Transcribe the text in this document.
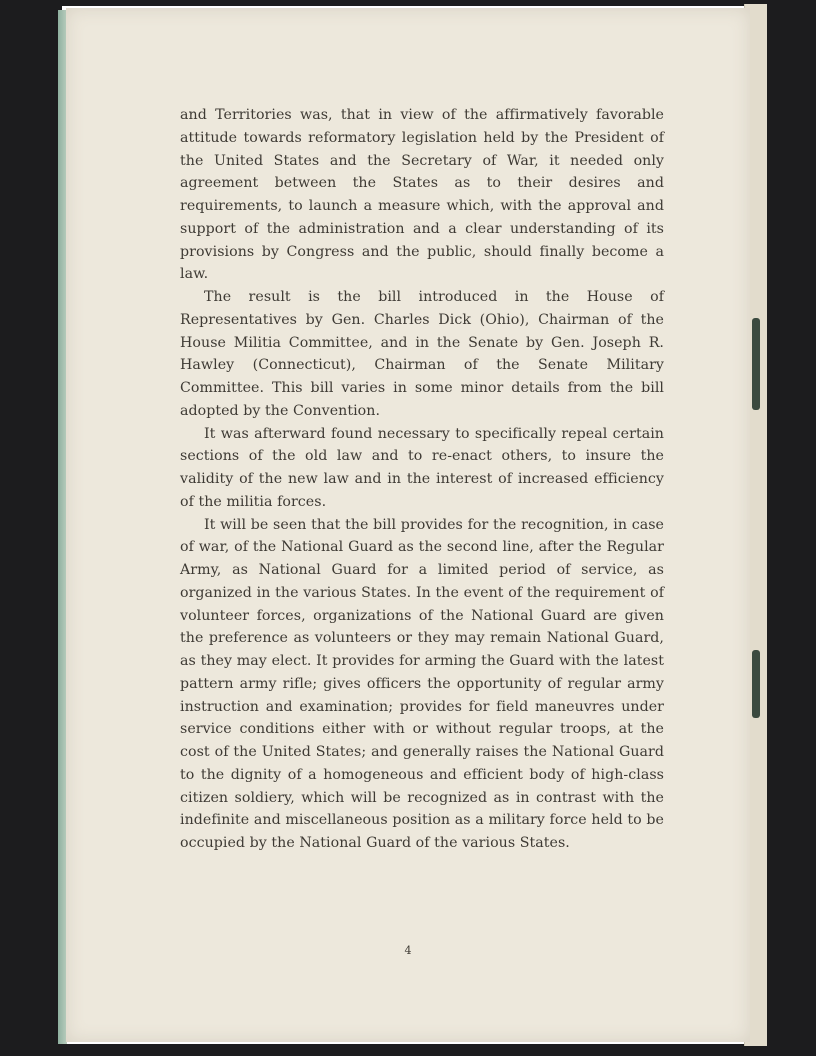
and Territories was, that in view of the affirmatively favorable attitude towards reformatory legislation held by the President of the United States and the Secretary of War, it needed only agreement between the States as to their desires and requirements, to launch a measure which, with the approval and support of the administration and a clear understanding of its provisions by Congress and the public, should finally become a law.

The result is the bill introduced in the House of Representatives by Gen. Charles Dick (Ohio), Chairman of the House Militia Committee, and in the Senate by Gen. Joseph R. Hawley (Connecticut), Chairman of the Senate Military Committee. This bill varies in some minor details from the bill adopted by the Convention.

It was afterward found necessary to specifically repeal certain sections of the old law and to re-enact others, to insure the validity of the new law and in the interest of increased efficiency of the militia forces.

It will be seen that the bill provides for the recognition, in case of war, of the National Guard as the second line, after the Regular Army, as National Guard for a limited period of service, as organized in the various States. In the event of the requirement of volunteer forces, organizations of the National Guard are given the preference as volunteers or they may remain National Guard, as they may elect. It provides for arming the Guard with the latest pattern army rifle; gives officers the opportunity of regular army instruction and examination; provides for field maneuvres under service conditions either with or without regular troops, at the cost of the United States; and generally raises the National Guard to the dignity of a homogeneous and efficient body of high-class citizen soldiery, which will be recognized as in contrast with the indefinite and miscellaneous position as a military force held to be occupied by the National Guard of the various States.

4
